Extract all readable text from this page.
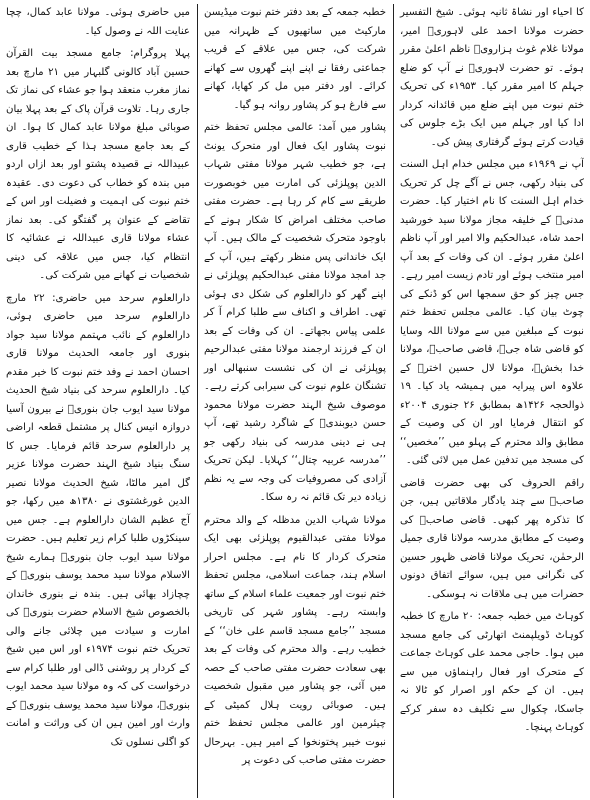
کا احیاء اور نشاۃ ثانیہ ہوئی۔ شیخ التفسیر حضرت مولانا احمد علی لاہوریؒ امیر، مولانا غلام غوث ہزارویؒ ناظم اعلیٰ مقرر ہوئے۔ تو حضرت لاہوریؒ نے آپ کو ضلع جہلم کا امیر مقرر کیا۔ ۱۹۵۳ء کی تحریک ختم نبوت میں اپنے ضلع میں قائدانہ کردار ادا کیا اور جہلم میں ایک بڑے جلوس کی قیادت کرتے ہوئے گرفتاری پیش کی۔

آپ نے ۱۹۶۹ء میں مجلس خدام اہل السنت کی بنیاد رکھی، جس نے آگے چل کر تحریک خدام اہل السنت کا نام اختیار کیا۔ حضرت مدنیؒ کے خلیفہ مجاز مولانا سید خورشید احمد شاہ، عبدالحکیم والا امیر اور آپ ناظم اعلیٰ مقرر ہوئے۔ ان کی وفات کے بعد آپ امیر منتخب ہوئے اور تادم زیست امیر رہے۔ جس چیز کو حق سمجھا اس کو ڈنکے کی چوٹ بیان کیا۔ عالمی مجلس تحفظ ختم نبوت کے مبلغین میں سے مولانا اللہ وسایا کو قاضی شاہ جیؒ، قاضی صاحبؒ، مولانا خدا بخشؒ، مولانا لال حسین اخترؒ کے علاوہ اس پیرایہ میں ہمیشہ یاد کیا۔ ۱۹ ذوالحجہ ۱۴۲۶ھ بمطابق ۲۶ جنوری ۲۰۰۴ء کو انتقال فرمایا اور ان کی وصیت کے مطابق والد محترم کے پہلو میں ’’مخصیں‘‘ کی مسجد میں تدفین عمل میں لائی گئی۔

راقم الحروف کی بھی حضرت قاضی صاحبؒ سے چند یادگار ملاقاتیں ہیں، جن کا تذکرہ پھر کبھی۔ قاضی صاحبؒ کی وصیت کے مطابق مدرسہ مولانا قاری جمیل الرحمٰن، تحریک مولانا قاضی ظہور حسین کی نگرانی میں ہیں، سوائے اتفاق دونوں حضرات میں ہی ملاقات نہ ہوسکی۔

کوہاٹ میں خطبہ جمعہ: ۲۰ مارچ کا خطبہ کوہاٹ ڈویلپمنٹ اتھارٹی کی جامع مسجد میں ہوا۔ حاجی محمد علی کوہاٹ جماعت کے متحرک اور فعال راہنماؤں میں سے ہیں۔ ان کے حکم اور اصرار کو ٹالا نہ جاسکا، چکوال سے تکلیف دہ سفر کرکے کوہاٹ پہنچا۔

خطبہ جمعہ کے بعد دفتر ختم نبوت میڈیسن مارکیٹ میں ساتھیوں کے ظہرانہ میں شرکت کی، جس میں علاقے کے قریب جماعتی رفقا نے اپنے اپنے گھروں سے کھانے کرائے۔ اور دفتر میں مل کر کھایا، کھانے سے فارغ ہو کر پشاور روانہ ہو گیا۔

پشاور میں آمد: عالمی مجلس تحفظ ختم نبوت پشاور ایک فعال اور متحرک یونٹ ہے، جو خطیب شہر مولانا مفتی شہاب الدین پوپلزئی کی امارت میں خوبصورت طریقے سے کام کر رہا ہے۔ حضرت مفتی صاحب مختلف امراض کا شکار ہونے کے باوجود متحرک شخصیت کے مالک ہیں۔ آپ ایک خاندانی پس منظر رکھتے ہیں، آپ کے جد امجد مولانا مفتی عبدالحکیم پوپلزئی نے اپنے گھر کو دارالعلوم کی شکل دی ہوئی تھی۔ اطراف و اکناف سے طلبا کرام آ کر علمی پیاس بجھاتے۔ ان کی وفات کے بعد ان کے فرزند ارجمند مولانا مفتی عبدالرحیم پوپلزئی نے ان کی نشست سنبھالی اور تشنگان علوم نبوت کی سیرابی کرتے رہے۔ موصوف شیخ الہند حضرت مولانا محمود حسن دیوبندیؒ کے شاگرد رشید تھے، آپ ہی نے دینی مدرسہ کی بنیاد رکھی جو ’’مدرسہ عربیہ چتال‘‘ کہلایا۔ لیکن تحریک آزادی کی مصروفیات کی وجہ سے یہ نظم زیادہ دیر تک قائم نہ رہ سکا۔

مولانا شہاب الدین مدظلہ کے والد محترم مولانا مفتی عبدالقیوم پوپلزئی بھی ایک متحرک کردار کا نام ہے۔ مجلس احرار اسلام ہند، جماعت اسلامی، مجلس تحفظ ختم نبوت اور جمعیت علماء اسلام کے ساتھ وابستہ رہے۔ پشاور شہر کی تاریخی مسجد ’’جامع مسجد قاسم علی خان‘‘ کے خطیب رہے۔ والد محترم کی وفات کے بعد بھی سعادت حضرت مفتی صاحب کے حصہ میں آئی، جو پشاور میں مقبول شخصیت ہیں۔ صوبائی رویت ہلال کمیٹی کے چیئرمین اور عالمی مجلس تحفظ ختم نبوت خیبر پختونخوا کے امیر ہیں۔ بہرحال حضرت مفتی صاحب کی دعوت پر

میں حاضری ہوئی۔ مولانا عابد کمال، چچا عنایت اللہ نے وصول کیا۔

پہلا پروگرام: جامع مسجد بیت القرآن حسین آباد کالونی گلبہار میں ۲۱ مارچ بعد نماز مغرب منعقد ہوا جو عشاء کی نماز تک جاری رہا۔ تلاوت قرآن پاک کے بعد پہلا بیان صوبائی مبلغ مولانا عابد کمال کا ہوا۔ ان کے بعد جامع مسجد ہذا کے خطیب قاری عبیداللہ نے قصیدہ پشتو اور بعد ازاں اردو میں بندہ کو خطاب کی دعوت دی۔ عقیدہ ختم نبوت کی اہمیت و فضیلت اور اس کے تقاضے کے عنوان پر گفتگو کی۔ بعد نماز عشاء مولانا قاری عبیداللہ نے عشائیہ کا انتظام کیا، جس میں علاقہ کی دینی شخصیات نے کھانے میں شرکت کی۔

دارالعلوم سرحد میں حاضری: ۲۲ مارچ دارالعلوم سرحد میں حاضری ہوئی، دارالعلوم کے نائب مہتمم مولانا سید جواد بنوری اور جامعہ الحدیث مولانا قاری احسان احمد نے وفد ختم نبوت کا خیر مقدم کیا۔ دارالعلوم سرحد کی بنیاد شیخ الحدیث مولانا سید ایوب جان بنوریؒ نے بیرون آسیا دروازہ انیس کنال پر مشتمل قطعہ اراضی پر دارالعلوم سرحد قائم فرمایا۔ جس کا سنگ بنیاد شیخ الہند حضرت مولانا عزیر گل امیر مالٹا، شیخ الحدیث مولانا نصیر الدین غورغشتوی نے ۱۳۸۰ھ میں رکھا، جو آج عظیم الشان دارالعلوم ہے۔ جس میں سینکڑوں طلبا کرام زیر تعلیم ہیں۔ حضرت مولانا سید ایوب جان بنوریؒ ہمارے شیخ الاسلام مولانا سید محمد یوسف بنوریؒ کے چچازاد بھائی ہیں۔ بندہ نے بنوری خاندان بالخصوص شیخ الاسلام حضرت بنوریؒ کی امارت و سیادت میں چلائی جانے والی تحریک ختم نبوت ۱۹۷۴ء اور اس میں شیخ کے کردار پر روشنی ڈالی اور طلبا کرام سے درخواست کی کہ وہ مولانا سید محمد ایوب بنوریؒ، مولانا سید محمد یوسف بنوریؒ کے وارث اور امین ہیں ان کی وراثت و امانت کو اگلی نسلوں تک
